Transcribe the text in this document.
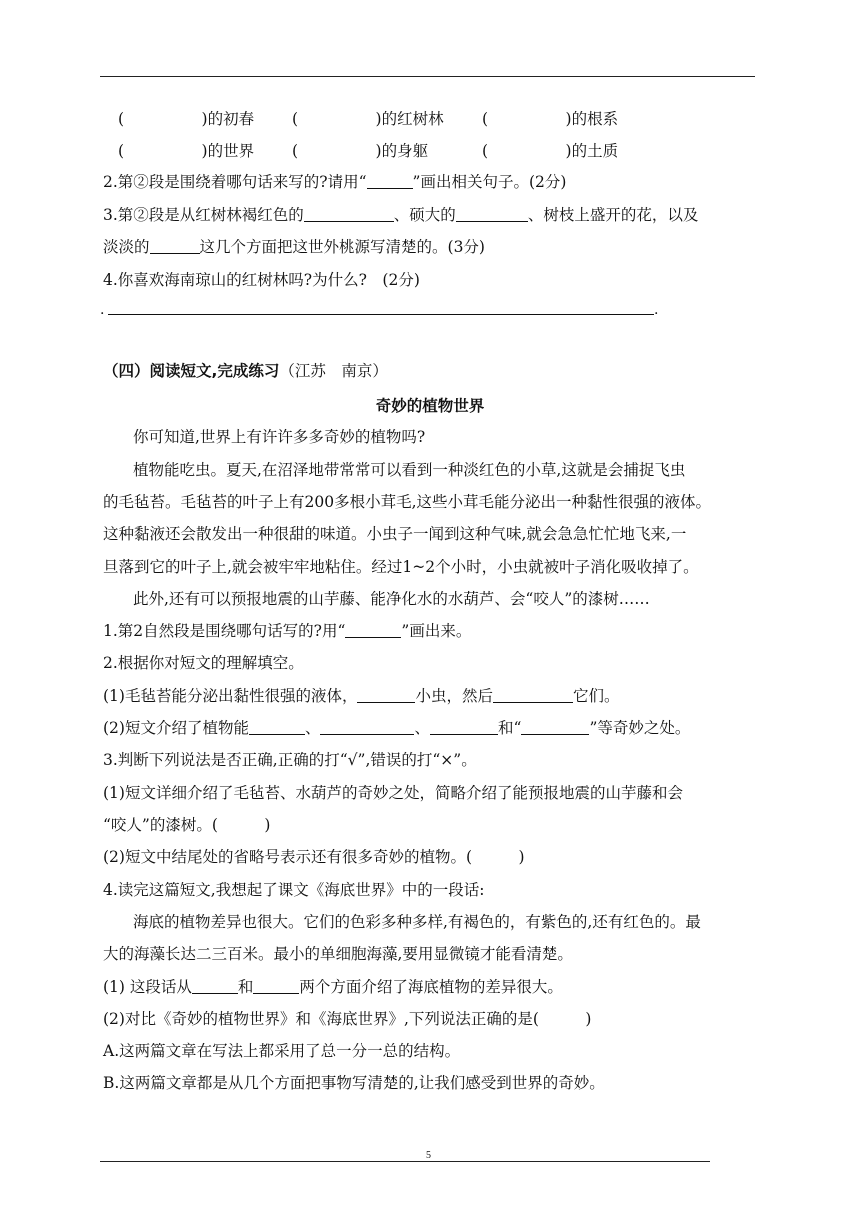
(　　　　　)的初春 (　　　　　)的红树林 (　　　　　)的根系
(　　　　　)的世界 (　　　　　)的身躯	(　　　　　)的土质
2.第②段是围绕着哪句话来写的?请用“	”画出相关句子。(2分)
3.第②段是从红树林褐红色的	、硕大的	、树枝上盛开的花，以及
淡淡的	这几个方面把这世外桃源写清楚的。(3分)
4.你喜欢海南琼山的红树林吗?为什么?　(2分)
.	.
（四）阅读短文,完成练习（江苏　南京）
奇妙的植物世界
你可知道,世界上有许许多多奇妙的植物吗?
植物能吃虫。夏天,在沼泽地带常常可以看到一种淡红色的小草,这就是会捕捉飞虫
的毛毡苔。毛毡苔的叶子上有200多根小茸毛,这些小茸毛能分泌出一种黏性很强的液体。
这种黏液还会散发出一种很甜的味道。小虫子一闻到这种气味,就会急急忙忙地飞来,一
旦落到它的叶子上,就会被牢牢地粘住。经过1~2个小时，小虫就被叶子消化吸收掉了。
此外,还有可以预报地震的山芋藤、能净化水的水葫芦、会“咬人”的漆树……
1.第2自然段是围绕哪句话写的?用“	”画出来。
2.根据你对短文的理解填空。
(1)毛毡苔能分泌出黏性很强的液体，	小虫，然后	它们。
(2)短文介绍了植物能	、	、	和“	”等奇妙之处。
3.判断下列说法是否正确,正确的打“√”,错误的打“×”。
(1)短文详细介绍了毛毡苔、水葫芦的奇妙之处，简略介绍了能预报地震的山芋藤和会
“咬人”的漆树。(　　　)
(2)短文中结尾处的省略号表示还有很多奇妙的植物。(　　　)
4.读完这篇短文,我想起了课文《海底世界》中的一段话:
海底的植物差异也很大。它们的色彩多种多样,有褐色的，有紫色的,还有红色的。最
大的海藻长达二三百米。最小的单细胞海藻,要用显微镜才能看清楚。
(1) 这段话从	和	两个方面介绍了海底植物的差异很大。
(2)对比《奇妙的植物世界》和《海底世界》,下列说法正确的是(　　　)
A.这两篇文章在写法上都采用了总一分一总的结构。
B.这两篇文章都是从几个方面把事物写清楚的,让我们感受到世界的奇妙。
5
